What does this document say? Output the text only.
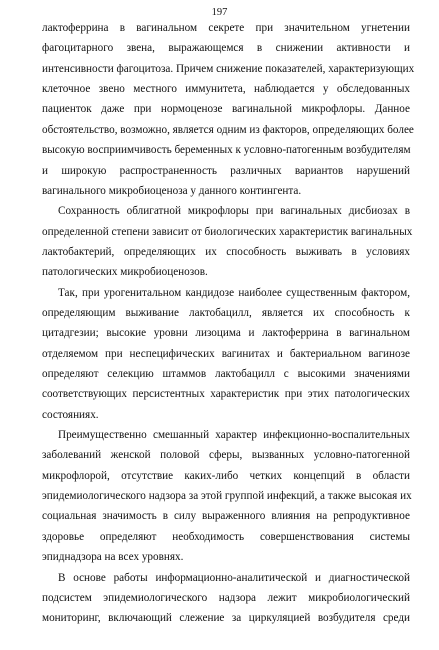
197
лактоферрина в вагинальном секрете при значительном угнетении
фагоцитарного звена, выражающемся в снижении активности и
интенсивности фагоцитоза. Причем снижение показателей, характеризующих
клеточное звено местного иммунитета, наблюдается у обследованных
пациенток даже при нормоценозе вагинальной микрофлоры. Данное
обстоятельство, возможно, является одним из факторов, определяющих более
высокую восприимчивость беременных к условно-патогенным возбудителям
и широкую распространенность различных вариантов нарушений
вагинального микробиоценоза у данного контингента.
Сохранность облигатной микрофлоры при вагинальных дисбиозах в
определенной степени зависит от биологических характеристик вагинальных
лактобактерий, определяющих их способность выживать в условиях
патологических микробиоценозов.
Так, при урогенитальном кандидозе наиболее существенным фактором,
определяющим выживание лактобацилл, является их способность к
цитадгезии; высокие уровни лизоцима и лактоферрина в вагинальном
отделяемом при неспецифических вагинитах и бактериальном вагинозе
определяют селекцию штаммов лактобацилл с высокими значениями
соответствующих персистентных характеристик при этих патологических
состояниях.
Преимущественно смешанный характер инфекционно-воспалительных
заболеваний женской половой сферы, вызванных условно-патогенной
микрофлорой, отсутствие каких-либо четких концепций в области
эпидемиологического надзора за этой группой инфекций, а также высокая их
социальная значимость в силу выраженного влияния на репродуктивное
здоровье определяют необходимость совершенствования системы
эпиднадзора на всех уровнях.
В основе работы информационно-аналитической и диагностической
подсистем эпидемиологического надзора лежит микробиологический
мониторинг, включающий слежение за циркуляцией возбудителя среди
